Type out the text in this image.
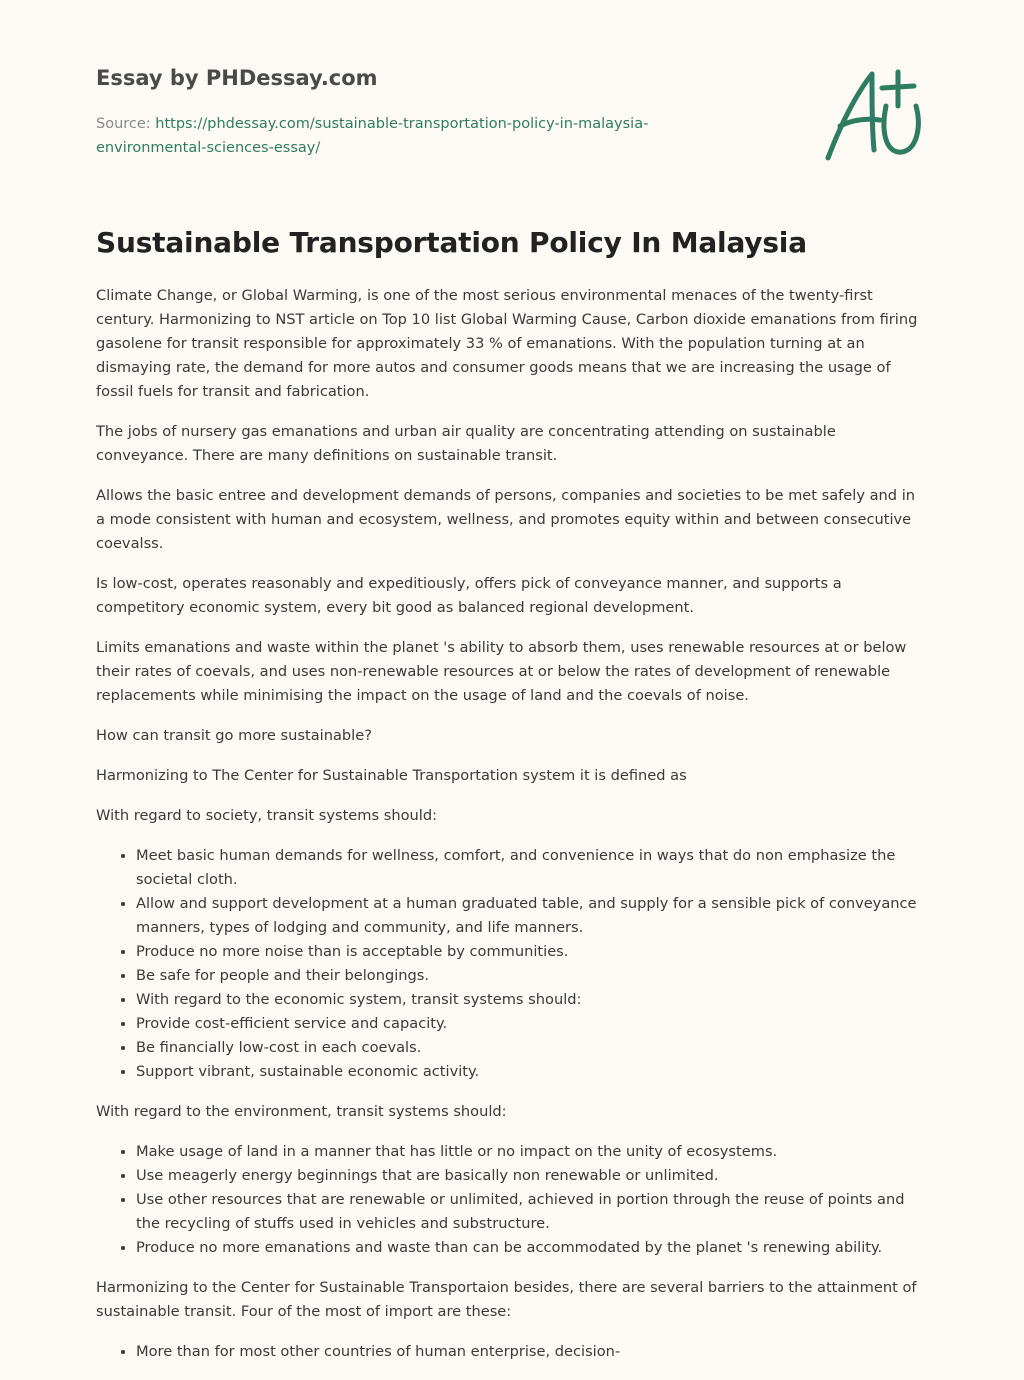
Essay by PHDessay.com
Source: https://phdessay.com/sustainable-transportation-policy-in-malaysia-environmental-sciences-essay/
Sustainable Transportation Policy In Malaysia

Climate Change, or Global Warming, is one of the most serious environmental menaces of the twenty-first century. Harmonizing to NST article on Top 10 list Global Warming Cause, Carbon dioxide emanations from firing gasolene for transit responsible for approximately 33 % of emanations. With the population turning at an dismaying rate, the demand for more autos and consumer goods means that we are increasing the usage of fossil fuels for transit and fabrication.

The jobs of nursery gas emanations and urban air quality are concentrating attending on sustainable conveyance. There are many definitions on sustainable transit.

Allows the basic entree and development demands of persons, companies and societies to be met safely and in a mode consistent with human and ecosystem, wellness, and promotes equity within and between consecutive coevalss.

Is low-cost, operates reasonably and expeditiously, offers pick of conveyance manner, and supports a competitory economic system, every bit good as balanced regional development.

Limits emanations and waste within the planet 's ability to absorb them, uses renewable resources at or below their rates of coevals, and uses non-renewable resources at or below the rates of development of renewable replacements while minimising the impact on the usage of land and the coevals of noise.

How can transit go more sustainable?

Harmonizing to The Center for Sustainable Transportation system it is defined as

With regard to society, transit systems should:

• Meet basic human demands for wellness, comfort, and convenience in ways that do non emphasize the societal cloth.
• Allow and support development at a human graduated table, and supply for a sensible pick of conveyance manners, types of lodging and community, and life manners.
• Produce no more noise than is acceptable by communities.
• Be safe for people and their belongings.
• With regard to the economic system, transit systems should:
• Provide cost-efficient service and capacity.
• Be financially low-cost in each coevals.
• Support vibrant, sustainable economic activity.

With regard to the environment, transit systems should:

• Make usage of land in a manner that has little or no impact on the unity of ecosystems.
• Use meagerly energy beginnings that are basically non renewable or unlimited.
• Use other resources that are renewable or unlimited, achieved in portion through the reuse of points and the recycling of stuffs used in vehicles and substructure.
• Produce no more emanations and waste than can be accommodated by the planet 's renewing ability.

Harmonizing to the Center for Sustainable Transportaion besides, there are several barriers to the attainment of sustainable transit. Four of the most of import are these:

• More than for most other countries of human enterprise, decision-
